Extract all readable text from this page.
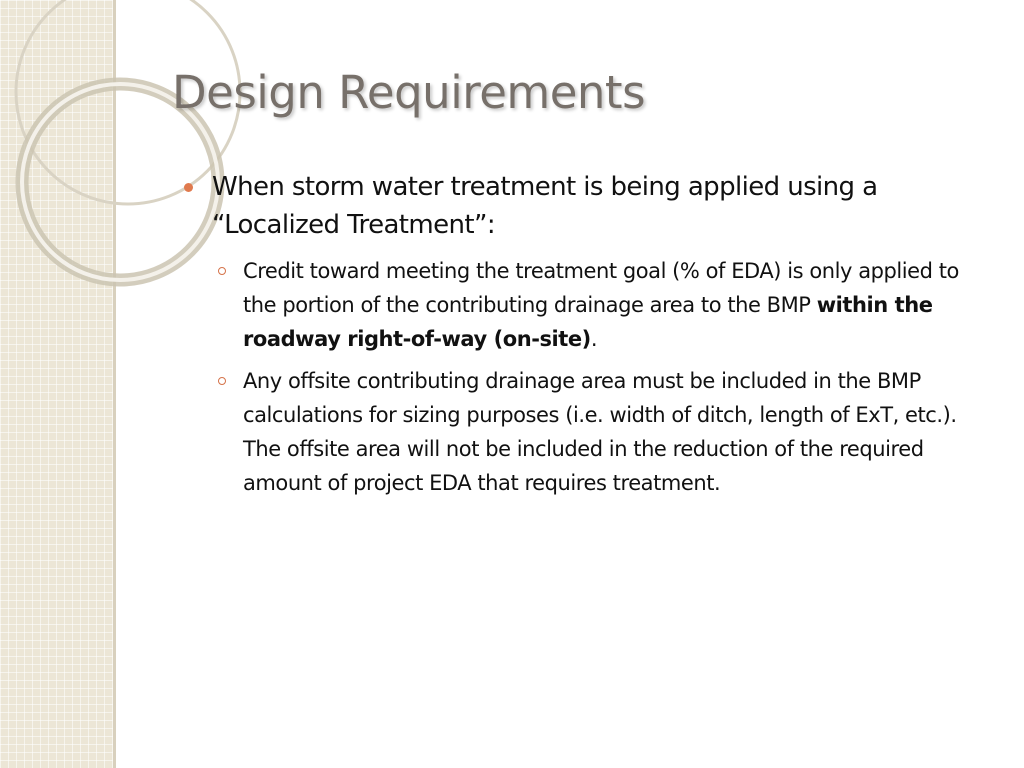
Design Requirements
When storm water treatment is being applied using a “Localized Treatment”:
Credit toward meeting the treatment goal (% of EDA) is only applied to the portion of the contributing drainage area to the BMP within the roadway right-of-way (on-site).
Any offsite contributing drainage area must be included in the BMP calculations for sizing purposes (i.e. width of ditch, length of ExT, etc.). The offsite area will not be included in the reduction of the required amount of project EDA that requires treatment.
